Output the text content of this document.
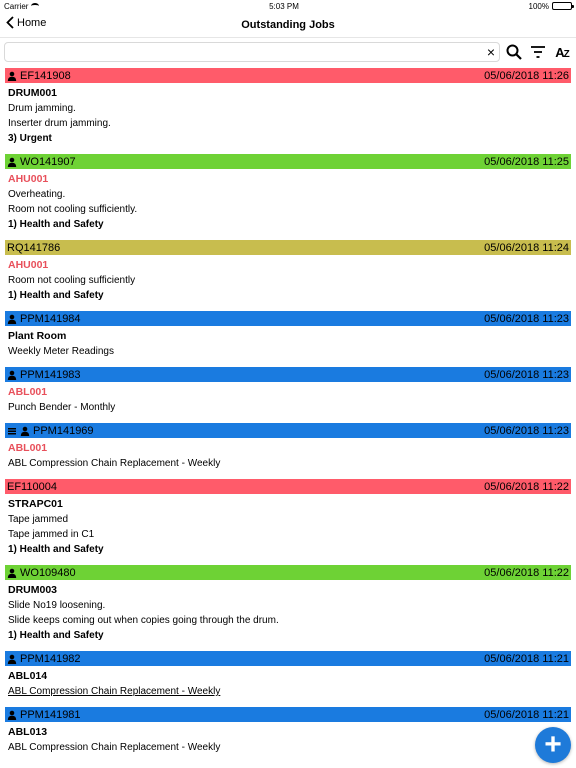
Carrier	5:03 PM	100%
Home	Outstanding Jobs
×	AZ
EF141908	05/06/2018 11:26
DRUM001
Drum jamming.
Inserter drum jamming.
3) Urgent
WO141907	05/06/2018 11:25
AHU001
Overheating.
Room not cooling sufficiently.
1) Health and Safety
RQ141786	05/06/2018 11:24
AHU001
Room not cooling sufficiently
1) Health and Safety
PPM141984	05/06/2018 11:23
Plant Room
Weekly Meter Readings
PPM141983	05/06/2018 11:23
ABL001
Punch Bender - Monthly
PPM141969	05/06/2018 11:23
ABL001
ABL Compression Chain Replacement - Weekly
EF110004	05/06/2018 11:22
STRAPC01
Tape jammed
Tape jammed in C1
1) Health and Safety
WO109480	05/06/2018 11:22
DRUM003
Slide No19 loosening.
Slide keeps coming out when copies going through the drum.
1) Health and Safety
PPM141982	05/06/2018 11:21
ABL014
ABL Compression Chain Replacement - Weekly
PPM141981	05/06/2018 11:21
ABL013
ABL Compression Chain Replacement - Weekly	+
